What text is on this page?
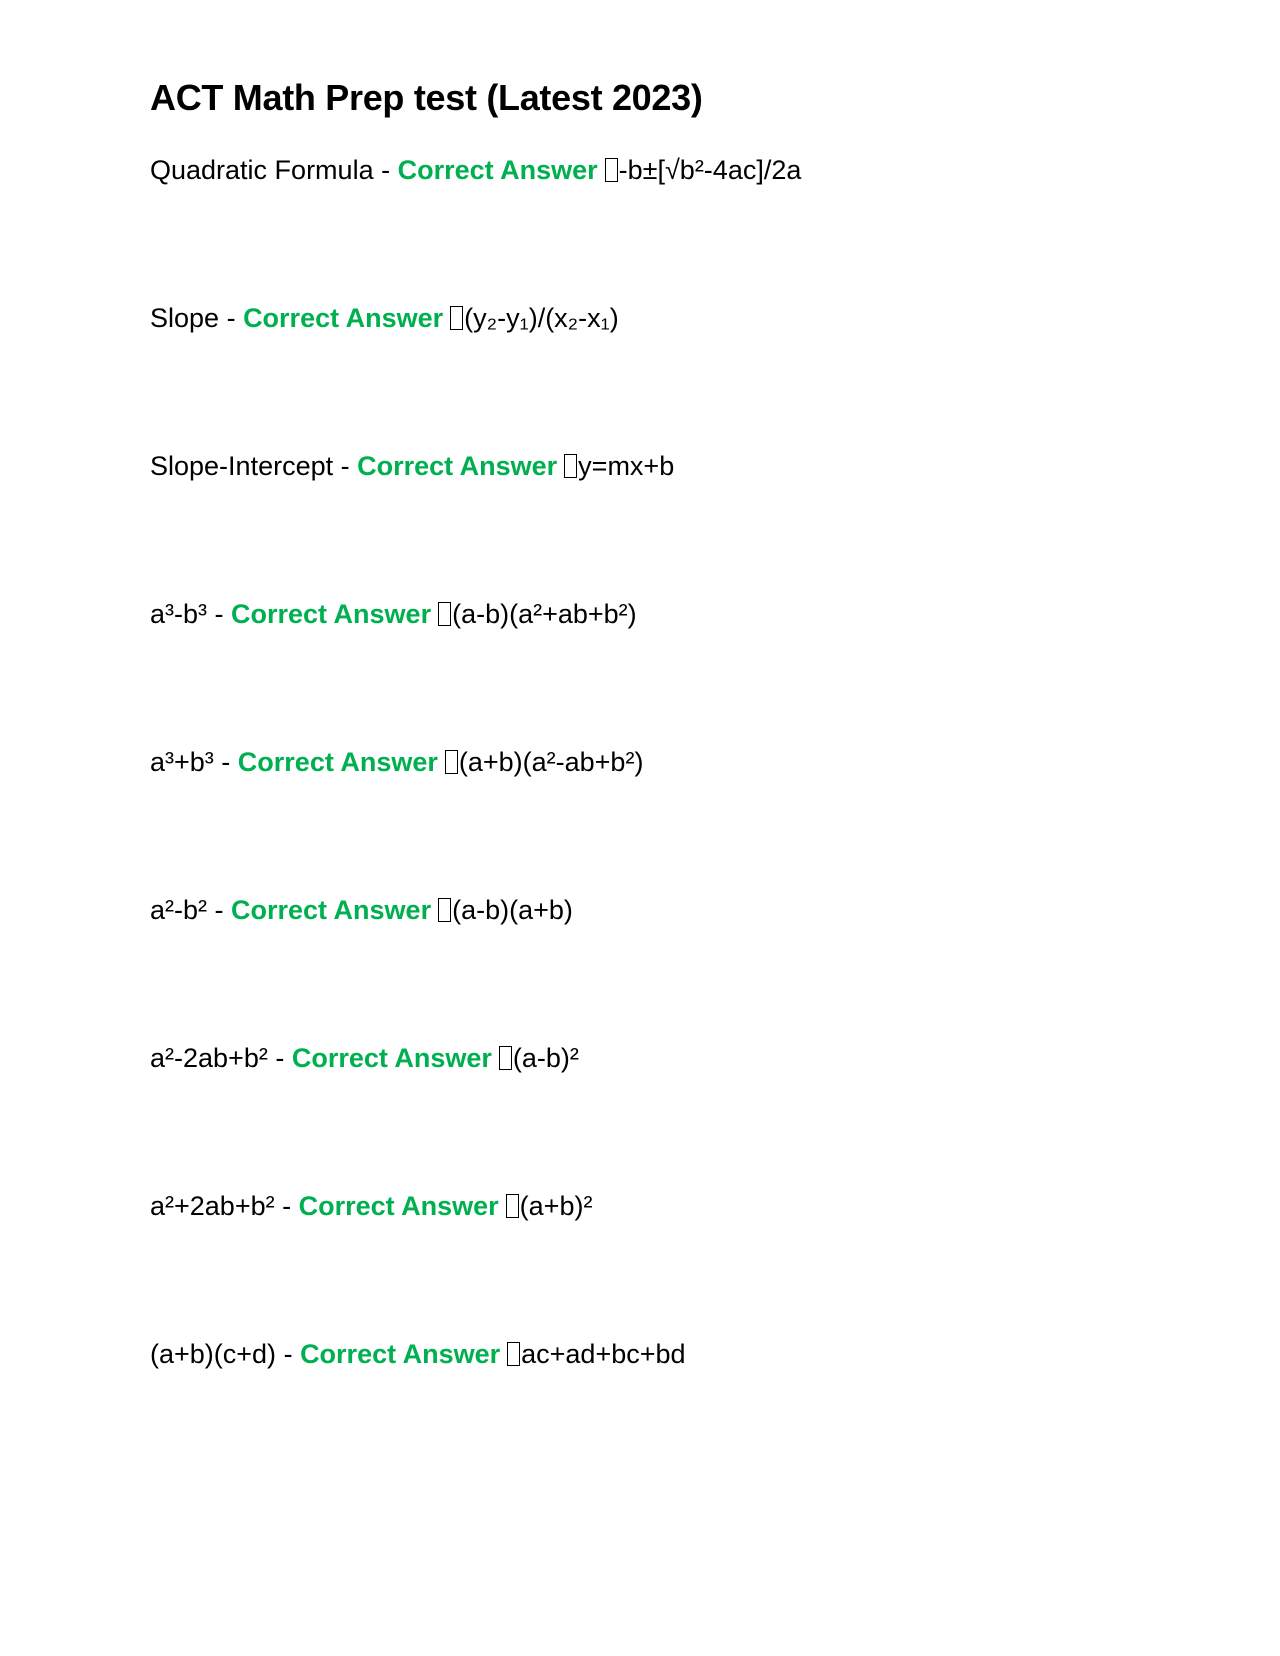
ACT Math Prep test (Latest 2023)
Quadratic Formula - Correct Answer -b±[√b²-4ac]/2a
Slope - Correct Answer (y₂-y₁)/(x₂-x₁)
Slope-Intercept - Correct Answer y=mx+b
a³-b³ - Correct Answer (a-b)(a²+ab+b²)
a³+b³ - Correct Answer (a+b)(a²-ab+b²)
a²-b² - Correct Answer (a-b)(a+b)
a²-2ab+b² - Correct Answer (a-b)²
a²+2ab+b² - Correct Answer (a+b)²
(a+b)(c+d) - Correct Answer ac+ad+bc+bd
